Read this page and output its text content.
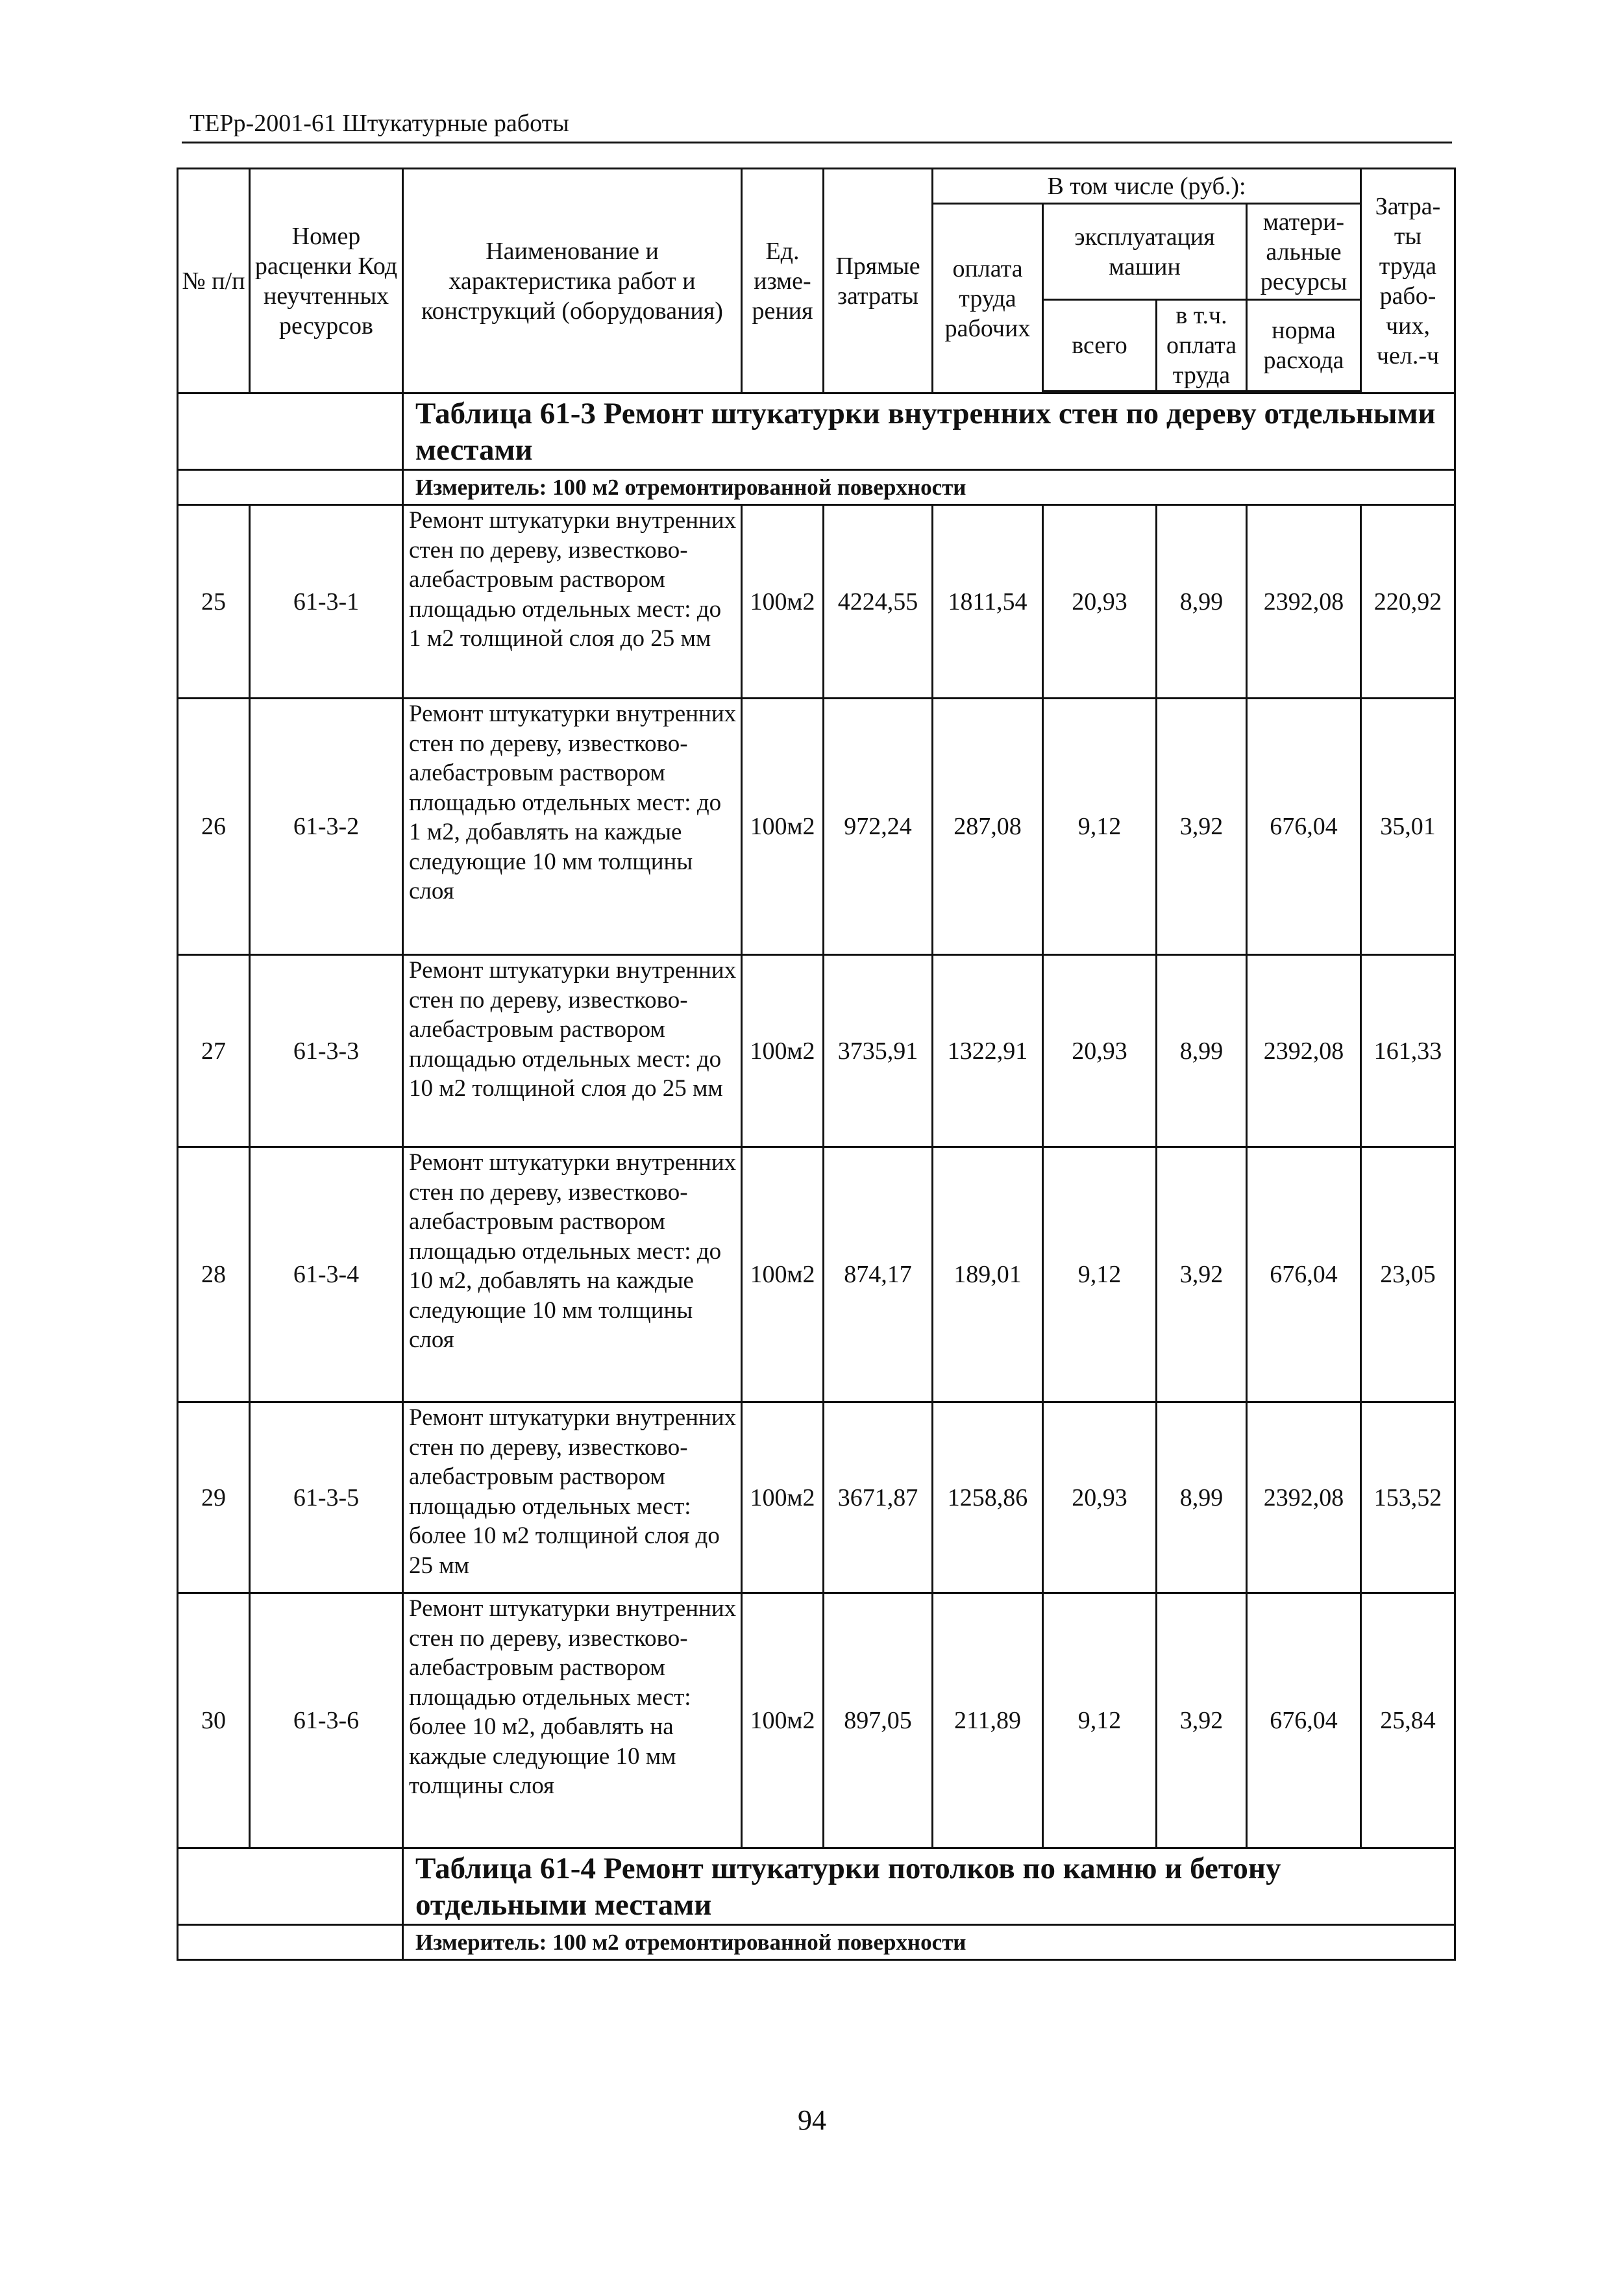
ТЕРр-2001-61 Штукатурные работы
№ п/п	Номер расценки Код неучтенных ресурсов	Наименование и характеристика работ и конструкций (оборудования)	Ед. изме- рения	Прямые затраты	В том числе (руб.):				Затра- ты труда рабо- чих, чел.-ч
					оплата труда рабочих	эксплуатация машин		матери- альные ресурсы	
						всего	в т.ч. оплата труда	норма расхода	

		Таблица 61-3 Ремонт штукатурки внутренних стен по дереву отдельными местами							
		Измеритель: 100 м2 отремонтированной поверхности							
25	61-3-1	Ремонт штукатурки внутренних стен по дереву, известково-алебастровым раствором площадью отдельных мест: до 1 м2 толщиной слоя до 25 мм	100м2	4224,55	1811,54	20,93	8,99	2392,08	220,92
26	61-3-2	Ремонт штукатурки внутренних стен по дереву, известково-алебастровым раствором площадью отдельных мест: до 1 м2, добавлять на каждые следующие 10 мм толщины слоя	100м2	972,24	287,08	9,12	3,92	676,04	35,01
27	61-3-3	Ремонт штукатурки внутренних стен по дереву, известково-алебастровым раствором площадью отдельных мест: до 10 м2 толщиной слоя до 25 мм	100м2	3735,91	1322,91	20,93	8,99	2392,08	161,33
28	61-3-4	Ремонт штукатурки внутренних стен по дереву, известково-алебастровым раствором площадью отдельных мест: до 10 м2, добавлять на каждые следующие 10 мм толщины слоя	100м2	874,17	189,01	9,12	3,92	676,04	23,05
29	61-3-5	Ремонт штукатурки внутренних стен по дереву, известково-алебастровым раствором площадью отдельных мест: более 10 м2 толщиной слоя до 25 мм	100м2	3671,87	1258,86	20,93	8,99	2392,08	153,52
30	61-3-6	Ремонт штукатурки внутренних стен по дереву, известково-алебастровым раствором площадью отдельных мест: более 10 м2, добавлять на каждые следующие 10 мм толщины слоя	100м2	897,05	211,89	9,12	3,92	676,04	25,84
		Таблица 61-4 Ремонт штукатурки потолков по камню и бетону отдельными местами							
		Измеритель: 100 м2 отремонтированной поверхности							
94
